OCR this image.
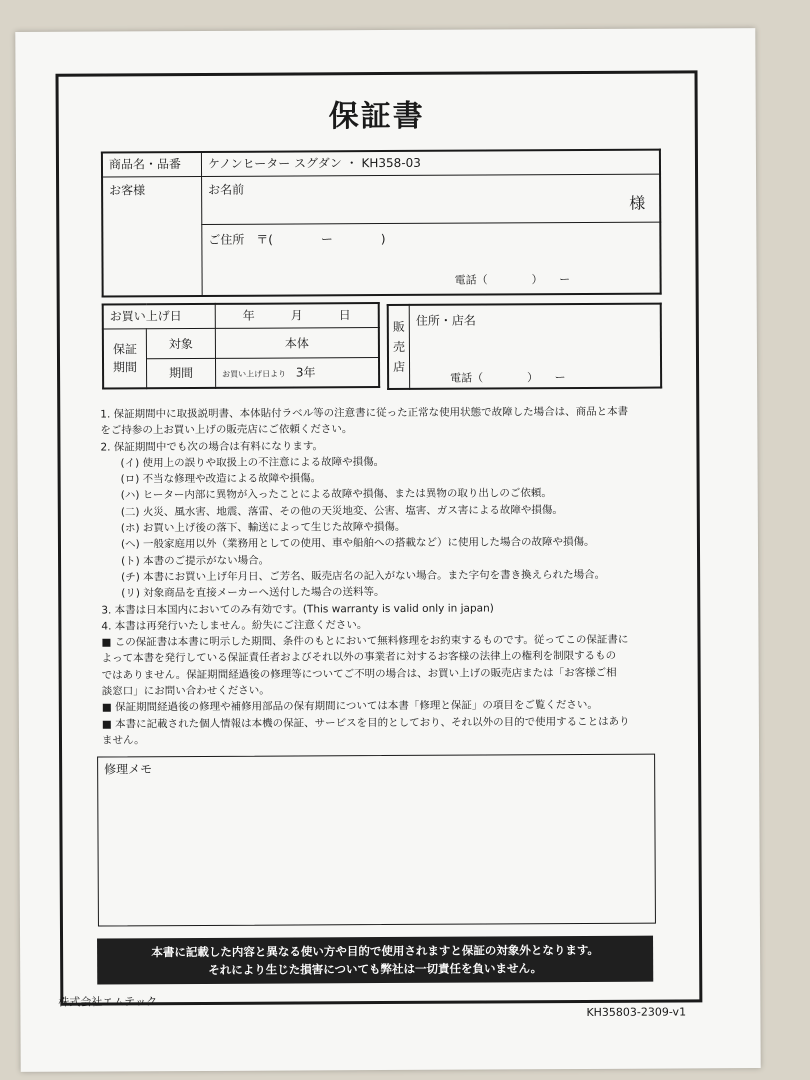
保証書
商品名・品番	ケノンヒーター スグダン ・ KH358-03
お客様	お名前
様

	ご住所 〒(　　　　ー　　　　)
電話（　　　　）　　ー
お買い上げ日		年　　　月　　　日
保証期間	対象	本体
	期間	お買い上げ日より 3年
販売店	住所・店名
電話（　　　　）　　ー
1. 保証期間中に取扱説明書、本体貼付ラベル等の注意書に従った正常な使用状態で故障した場合は、商品と本書
をご持参の上お買い上げの販売店にご依頼ください。
2. 保証期間中でも次の場合は有料になります。
(イ) 使用上の誤りや取扱上の不注意による故障や損傷。
(ロ) 不当な修理や改造による故障や損傷。
(ハ) ヒーター内部に異物が入ったことによる故障や損傷、または異物の取り出しのご依頼。
(二) 火災、風水害、地震、落雷、その他の天災地変、公害、塩害、ガス害による故障や損傷。
(ホ) お買い上げ後の落下、輸送によって生じた故障や損傷。
(ヘ) 一般家庭用以外（業務用としての使用、車や船舶への搭載など）に使用した場合の故障や損傷。
(ト) 本書のご提示がない場合。
(チ) 本書にお買い上げ年月日、ご芳名、販売店名の記入がない場合。また字句を書き換えられた場合。
(リ) 対象商品を直接メーカーへ送付した場合の送料等。
3. 本書は日本国内においてのみ有効です。(This warranty is valid only in japan)
4. 本書は再発行いたしません。紛失にご注意ください。
■ この保証書は本書に明示した期間、条件のもとにおいて無料修理をお約束するものです。従ってこの保証書に
よって本書を発行している保証責任者およびそれ以外の事業者に対するお客様の法律上の権利を制限するもの
ではありません。保証期間経過後の修理等についてご不明の場合は、お買い上げの販売店または「お客様ご相
談窓口」にお問い合わせください。
■ 保証期間経過後の修理や補修用部品の保有期間については本書「修理と保証」の項目をご覧ください。
■ 本書に記載された個人情報は本機の保証、サービスを目的としており、それ以外の目的で使用することはあり
ません。
修理メモ
本書に記載した内容と異なる使い方や目的で使用されますと保証の対象外となります。
それにより生じた損害についても弊社は一切責任を負いません。
株式会社エムテック
KH35803-2309-v1
